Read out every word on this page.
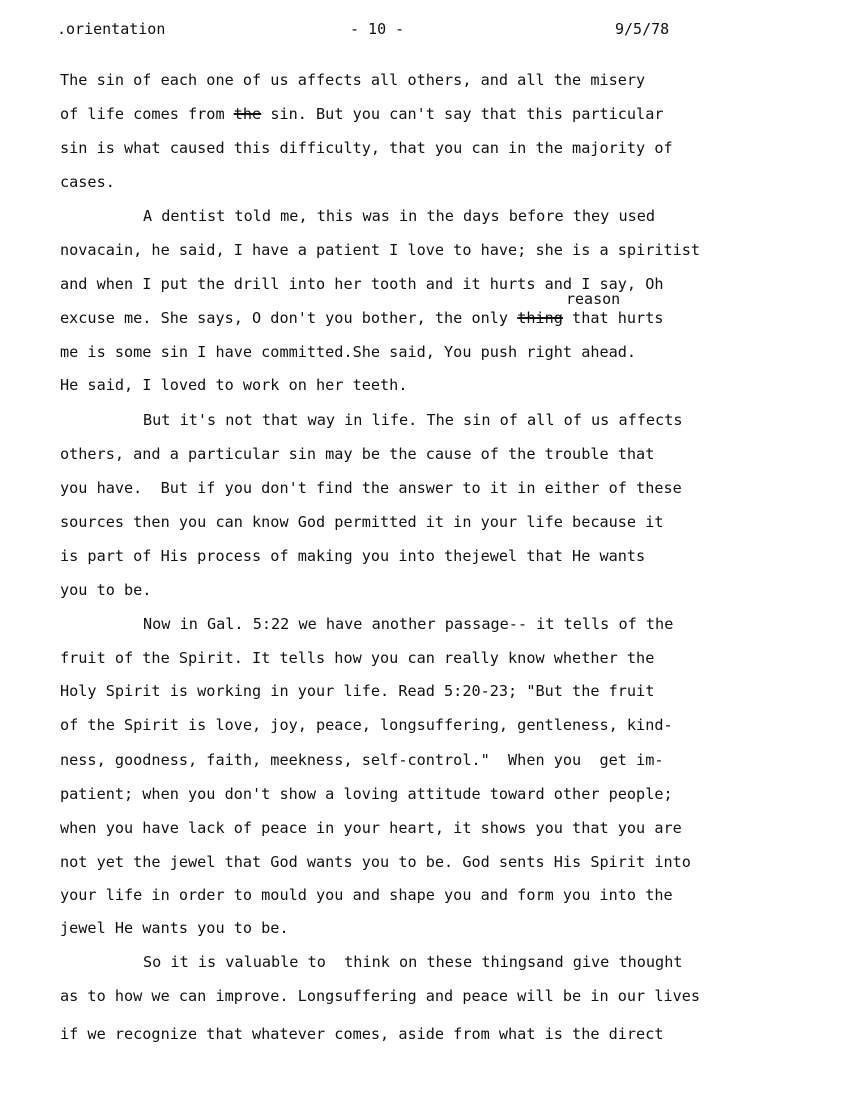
.orientation	- 10 -	9/5/78
The sin of each one of us affects all others, and all the misery
of life comes from the sin. But you can't say that this particular
sin is what caused this difficulty, that you can in the majority of
cases.
A dentist told me, this was in the days before they used
novacain, he said, I have a patient I love to have; she is a spiritist
and when I put the drill into her tooth and it hurts and I say, Oh
reason
excuse me. She says, O don't you bother, the only thing that hurts
me is some sin I have committed.She said, You push right ahead.
He said, I loved to work on her teeth.
But it's not that way in life. The sin of all of us affects
others, and a particular sin may be the cause of the trouble that
you have.  But if you don't find the answer to it in either of these
sources then you can know God permitted it in your life because it
is part of His process of making you into thejewel that He wants
you to be.
Now in Gal. 5:22 we have another passage-- it tells of the
fruit of the Spirit. It tells how you can really know whether the
Holy Spirit is working in your life. Read 5:20-23; "But the fruit
of the Spirit is love, joy, peace, longsuffering, gentleness, kind-
ness, goodness, faith, meekness, self-control."  When you  get im-
patient; when you don't show a loving attitude toward other people;
when you have lack of peace in your heart, it shows you that you are
not yet the jewel that God wants you to be. God sents His Spirit into
your life in order to mould you and shape you and form you into the
jewel He wants you to be.
So it is valuable to  think on these thingsand give thought
as to how we can improve. Longsuffering and peace will be in our lives
if we recognize that whatever comes, aside from what is the direct
